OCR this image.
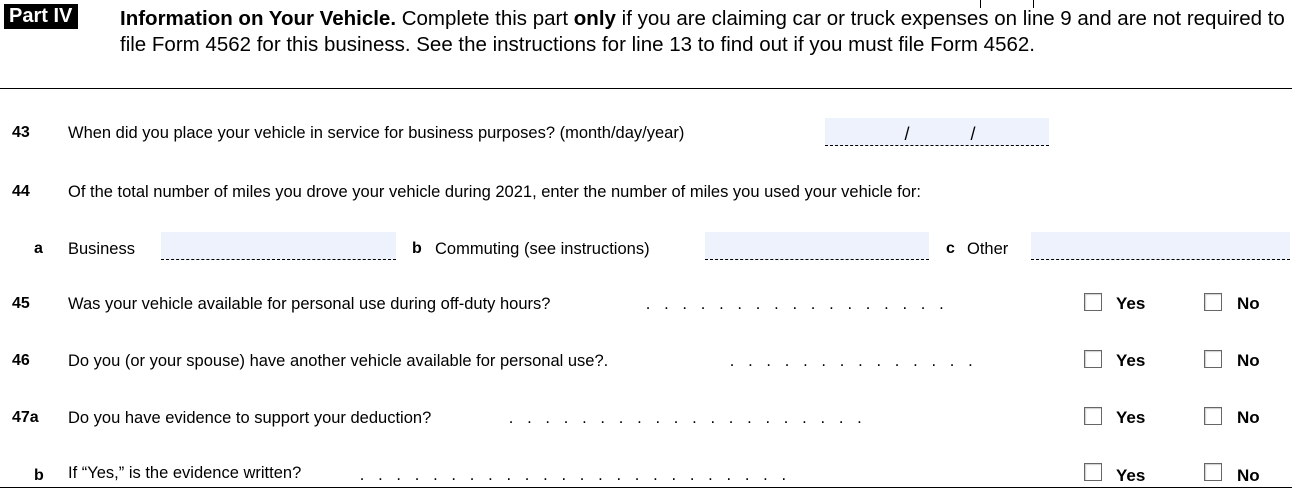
Part IV Information on Your Vehicle. Complete this part only if you are claiming car or truck expenses on line 9 and are not required to file Form 4562 for this business. See the instructions for line 13 to find out if you must file Form 4562.
43 When did you place your vehicle in service for business purposes? (month/day/year)	/	/
44 Of the total number of miles you drove your vehicle during 2021, enter the number of miles you used your vehicle for:
a Business	b Commuting (see instructions)	c Other
45 Was your vehicle available for personal use during off-duty hours?	.   .   .   .   .   .   .   .   .   .   .   .   .   .   .   .   .	Yes	No
46 Do you (or your spouse) have another vehicle available for personal use?.	.   .   .   .   .   .   .   .   .   .   .   .   .   .	Yes	No
47a Do you have evidence to support your deduction?	.   .   .   .   .   .   .   .   .   .   .   .   .   .   .   .   .   .   .   .	Yes	No
b If “Yes,” is the evidence written?	.   .   .   .   .   .   .   .   .   .   .   .   .   .   .   .   .   .   .   .   .   .   .   .	Yes	No
